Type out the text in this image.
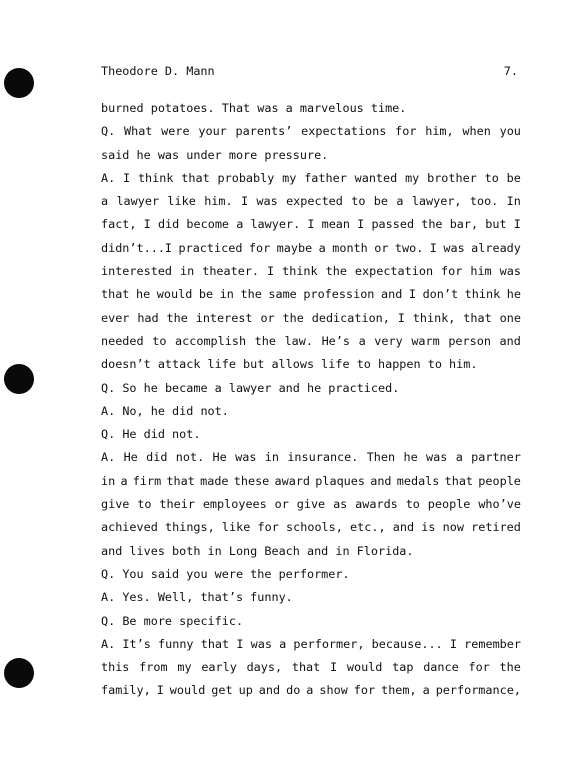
Theodore D. Mann	7.
burned potatoes. That was a marvelous time.
Q. What were your parents’ expectations for him, when you
said he was under more pressure.
A. I think that probably my father wanted my brother to be
a lawyer like him. I was expected to be a lawyer, too. In
fact, I did become a lawyer. I mean I passed the bar, but I
didn’t...I practiced for maybe a month or two. I was already
interested in theater. I think the expectation for him was
that he would be in the same profession and I don’t think he
ever had the interest or the dedication, I think, that one
needed to accomplish the law. He’s a very warm person and
doesn’t attack life but allows life to happen to him.
Q. So he became a lawyer and he practiced.
A. No, he did not.
Q. He did not.
A. He did not. He was in insurance. Then he was a partner
in a firm that made these award plaques and medals that people
give to their employees or give as awards to people who’ve
achieved things, like for schools, etc., and is now retired
and lives both in Long Beach and in Florida.
Q. You said you were the performer.
A. Yes. Well, that’s funny.
Q. Be more specific.
A. It’s funny that I was a performer, because... I remember
this from my early days, that I would tap dance for the
family, I would get up and do a show for them, a performance,
